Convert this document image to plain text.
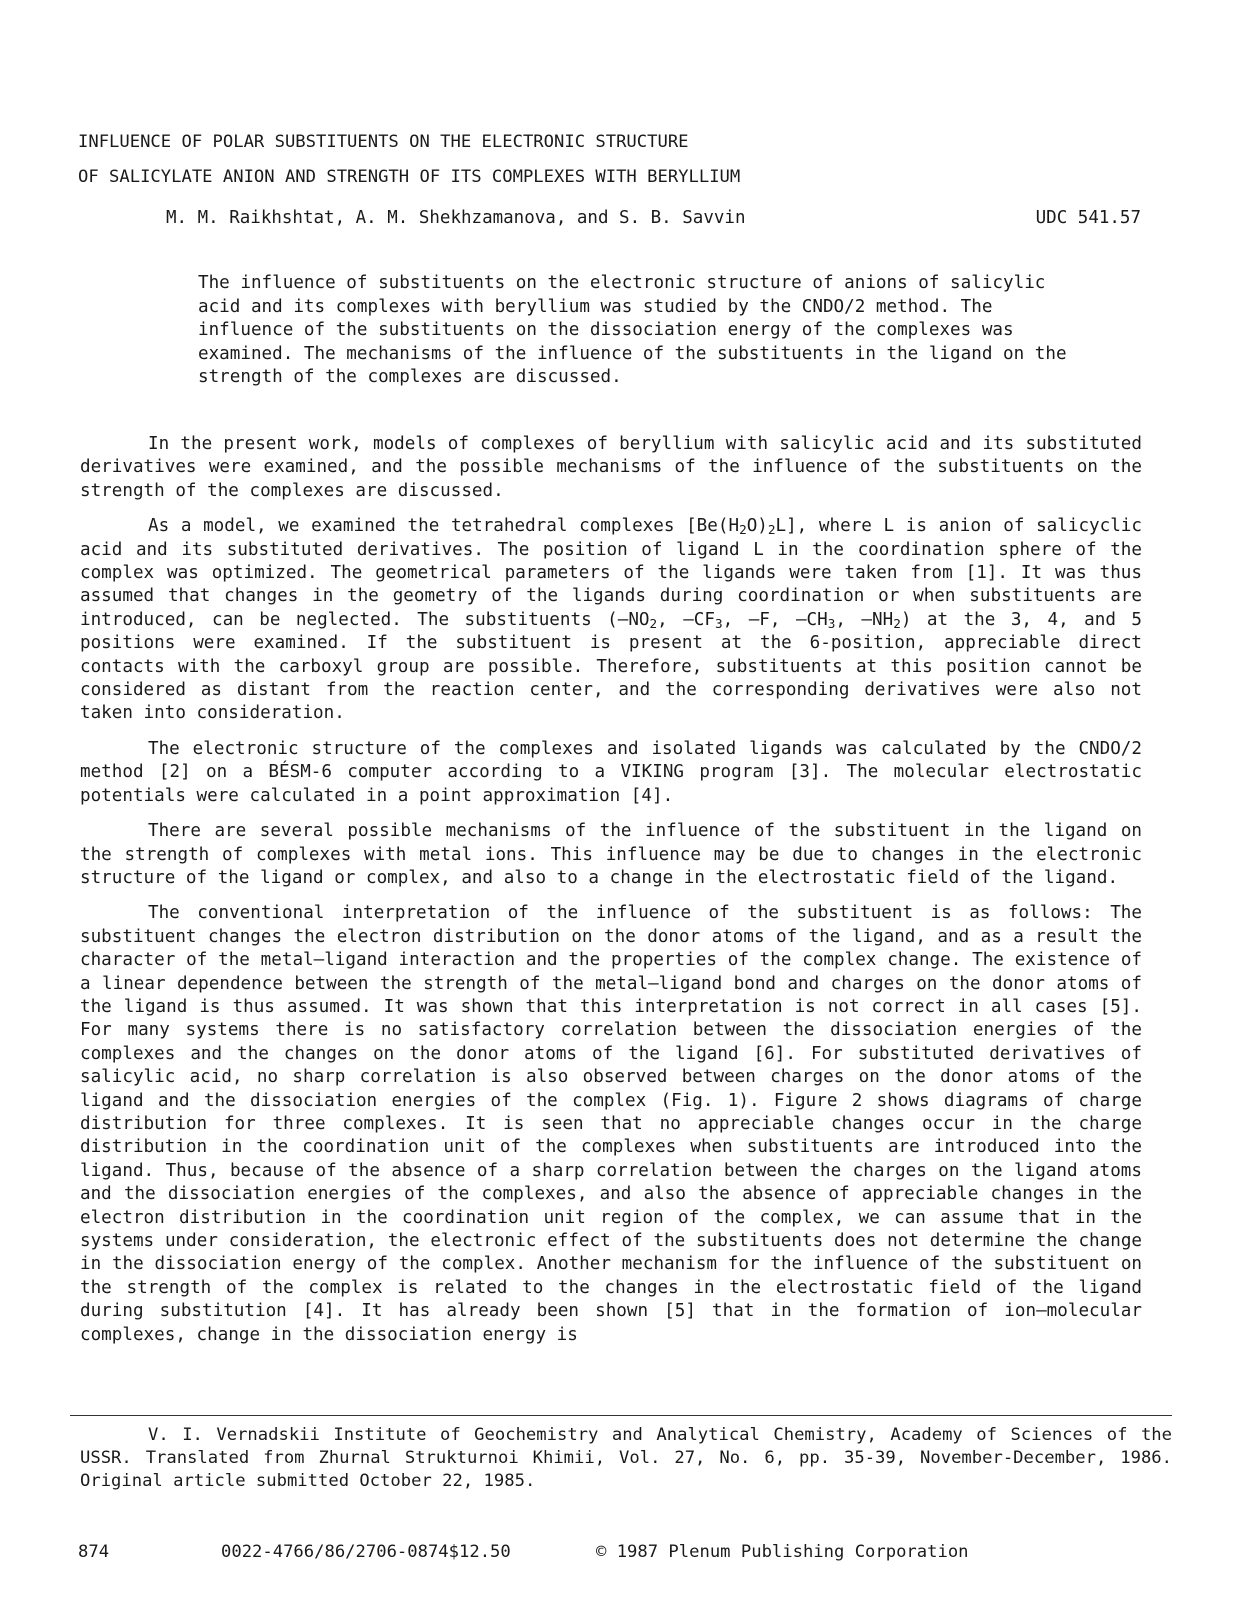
INFLUENCE OF POLAR SUBSTITUENTS ON THE ELECTRONIC STRUCTURE
OF SALICYLATE ANION AND STRENGTH OF ITS COMPLEXES WITH BERYLLIUM
M. M. Raikhshtat, A. M. Shekhzamanova, and S. B. Savvin	UDC 541.57

The influence of substituents on the electronic structure of anions of salicylic acid and its complexes with beryllium was studied by the CNDO/2 method. The influence of the substituents on the dissociation energy of the complexes was examined. The mechanisms of the influence of the substituents in the ligand on the strength of the complexes are discussed.

In the present work, models of complexes of beryllium with salicylic acid and its substituted derivatives were examined, and the possible mechanisms of the influence of the substituents on the strength of the complexes are discussed.

As a model, we examined the tetrahedral complexes $[Be(H_2O)_2L]$, where L is anion of salicyclic acid and its substituted derivatives. The position of ligand L in the coordination sphere of the complex was optimized. The geometrical parameters of the ligands were taken from [1]. It was thus assumed that changes in the geometry of the ligands during coordination or when substituents are introduced, can be neglected. The substituents ($—NO_2$, $—CF_3$, —F, $—CH_3$, $—NH_2$) at the 3, 4, and 5 positions were examined. If the substituent is present at the 6-position, appreciable direct contacts with the carboxyl group are possible. Therefore, substituents at this position cannot be considered as distant from the reaction center, and the corresponding derivatives were also not taken into consideration.

The electronic structure of the complexes and isolated ligands was calculated by the CNDO/2 method [2] on a BÉSM-6 computer according to a VIKING program [3]. The molecular electrostatic potentials were calculated in a point approximation [4].

There are several possible mechanisms of the influence of the substituent in the ligand on the strength of complexes with metal ions. This influence may be due to changes in the electronic structure of the ligand or complex, and also to a change in the electrostatic field of the ligand.

The conventional interpretation of the influence of the substituent is as follows: The substituent changes the electron distribution on the donor atoms of the ligand, and as a result the character of the metal—ligand interaction and the properties of the complex change. The existence of a linear dependence between the strength of the metal—ligand bond and charges on the donor atoms of the ligand is thus assumed. It was shown that this interpretation is not correct in all cases [5]. For many systems there is no satisfactory correlation between the dissociation energies of the complexes and the changes on the donor atoms of the ligand [6]. For substituted derivatives of salicylic acid, no sharp correlation is also observed between charges on the donor atoms of the ligand and the dissociation energies of the complex (Fig. 1). Figure 2 shows diagrams of charge distribution for three complexes. It is seen that no appreciable changes occur in the charge distribution in the coordination unit of the complexes when substituents are introduced into the ligand. Thus, because of the absence of a sharp correlation between the charges on the ligand atoms and the dissociation energies of the complexes, and also the absence of appreciable changes in the electron distribution in the coordination unit region of the complex, we can assume that in the systems under consideration, the electronic effect of the substituents does not determine the change in the dissociation energy of the complex. Another mechanism for the influence of the substituent on the strength of the complex is related to the changes in the electrostatic field of the ligand during substitution [4]. It has already been shown [5] that in the formation of ion—molecular complexes, change in the dissociation energy is

V. I. Vernadskii Institute of Geochemistry and Analytical Chemistry, Academy of Sciences of the USSR. Translated from Zhurnal Strukturnoi Khimii, Vol. 27, No. 6, pp. 35-39, November-December, 1986. Original article submitted October 22, 1985.

874	0022-4766/86/2706-0874$12.50	© 1987 Plenum Publishing Corporation
